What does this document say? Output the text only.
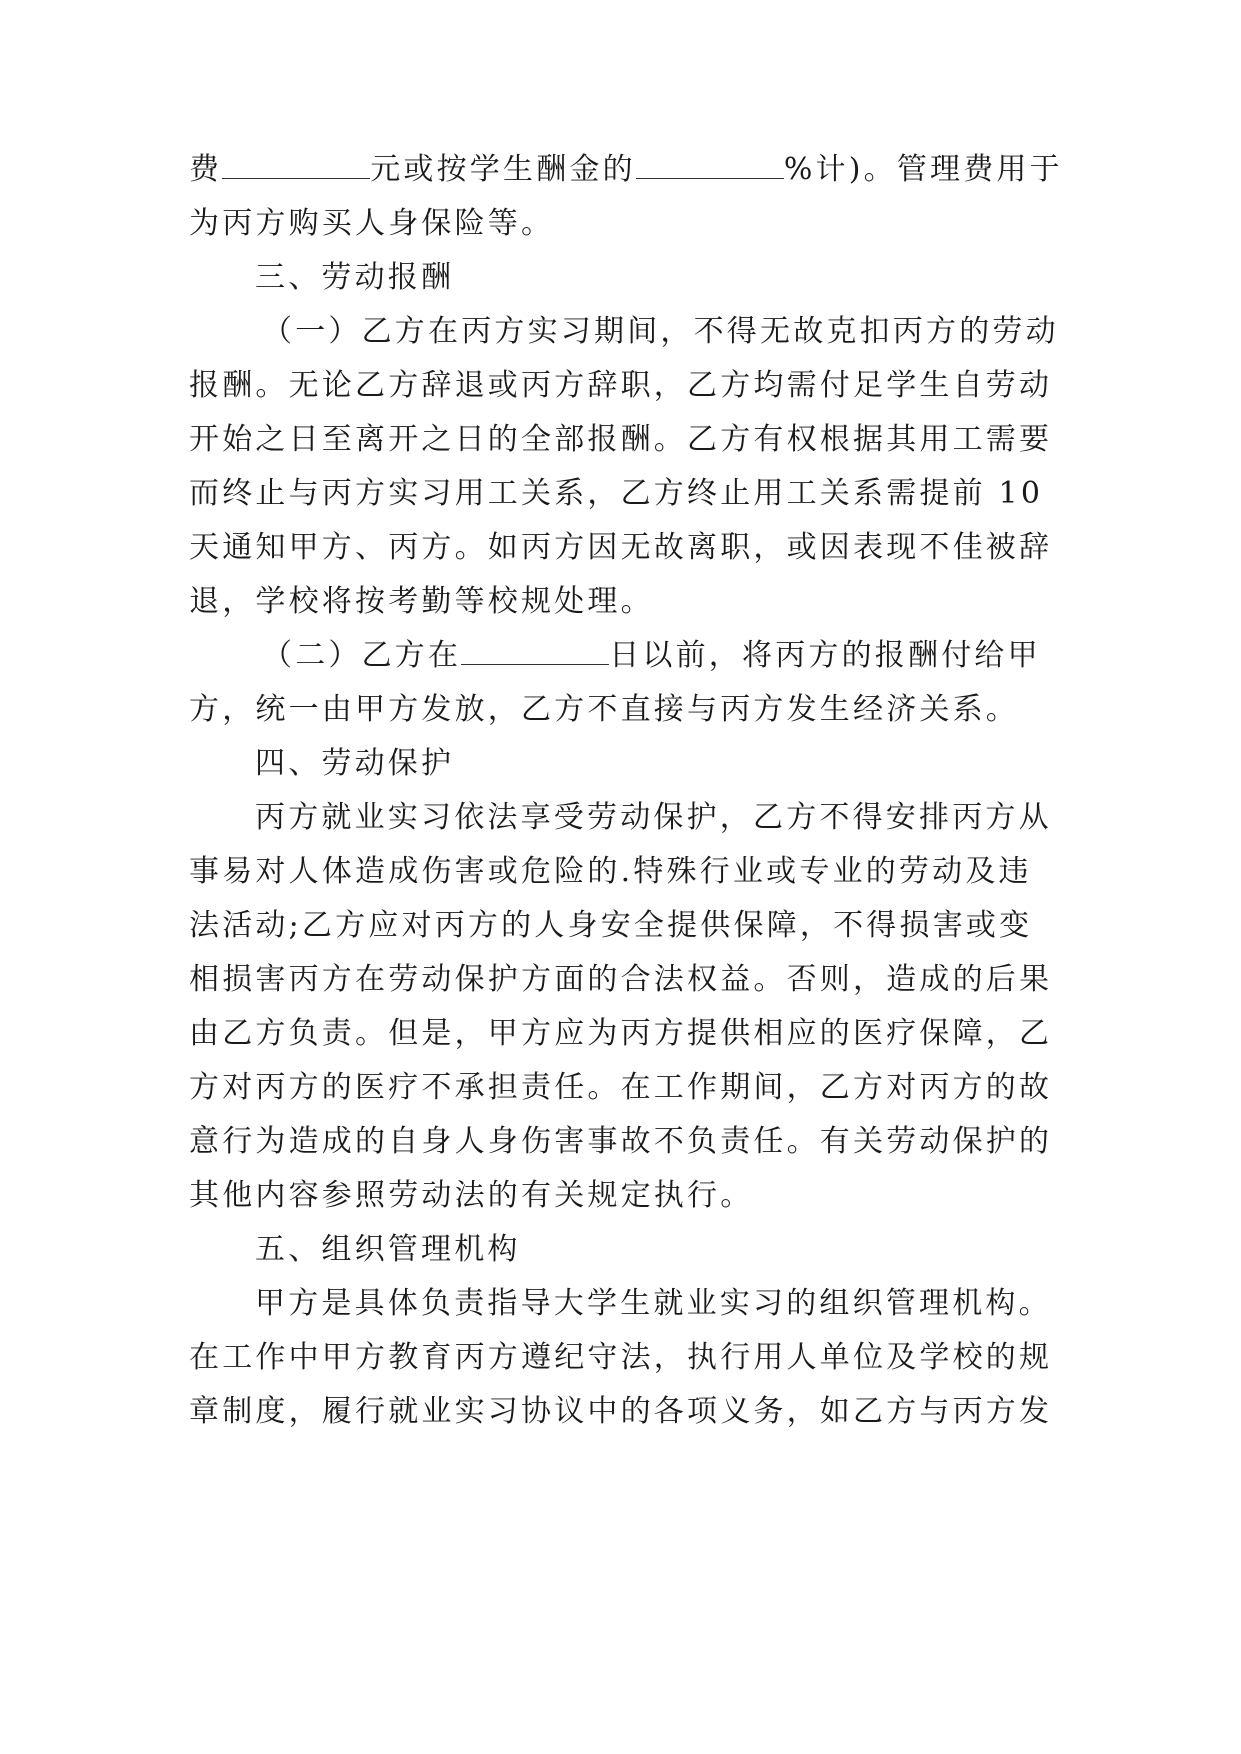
费	元或按学生酬金的	%计)。管理费用于
为丙方购买人身保险等。
三、劳动报酬
（一）乙方在丙方实习期间，不得无故克扣丙方的劳动
报酬。无论乙方辞退或丙方辞职，乙方均需付足学生自劳动
开始之日至离开之日的全部报酬。乙方有权根据其用工需要
而终止与丙方实习用工关系，乙方终止用工关系需提前 10
天通知甲方、丙方。如丙方因无故离职，或因表现不佳被辞
退，学校将按考勤等校规处理。
（二）乙方在	日以前，将丙方的报酬付给甲
方，统一由甲方发放，乙方不直接与丙方发生经济关系。
四、劳动保护
丙方就业实习依法享受劳动保护，乙方不得安排丙方从
事易对人体造成伤害或危险的.特殊行业或专业的劳动及违
法活动;乙方应对丙方的人身安全提供保障，不得损害或变
相损害丙方在劳动保护方面的合法权益。否则，造成的后果
由乙方负责。但是，甲方应为丙方提供相应的医疗保障，乙
方对丙方的医疗不承担责任。在工作期间，乙方对丙方的故
意行为造成的自身人身伤害事故不负责任。有关劳动保护的
其他内容参照劳动法的有关规定执行。
五、组织管理机构
甲方是具体负责指导大学生就业实习的组织管理机构。
在工作中甲方教育丙方遵纪守法，执行用人单位及学校的规
章制度，履行就业实习协议中的各项义务，如乙方与丙方发
